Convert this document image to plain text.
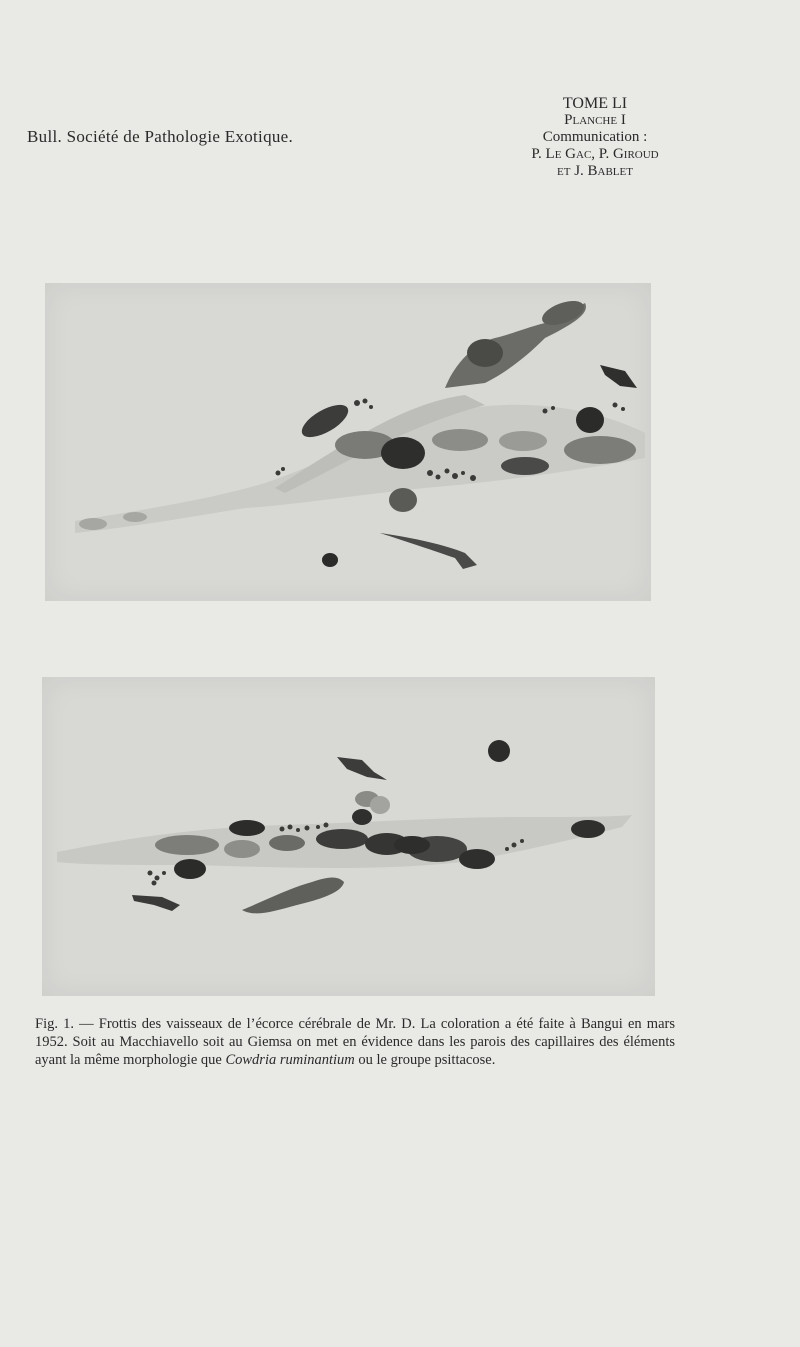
Bull. Société de Pathologie Exotique.
TOME LI
Planche I
Communication :
P. Le Gac, P. Giroud
et J. Bablet
Fig. 1. — Frottis des vaisseaux de l’écorce cérébrale de Mr. D. La coloration a été faite à Bangui en mars 1952. Soit au Macchiavello soit au Giemsa on met en évidence dans les parois des capillaires des éléments ayant la même morphologie que Cowdria ruminantium ou le groupe psittacose.
